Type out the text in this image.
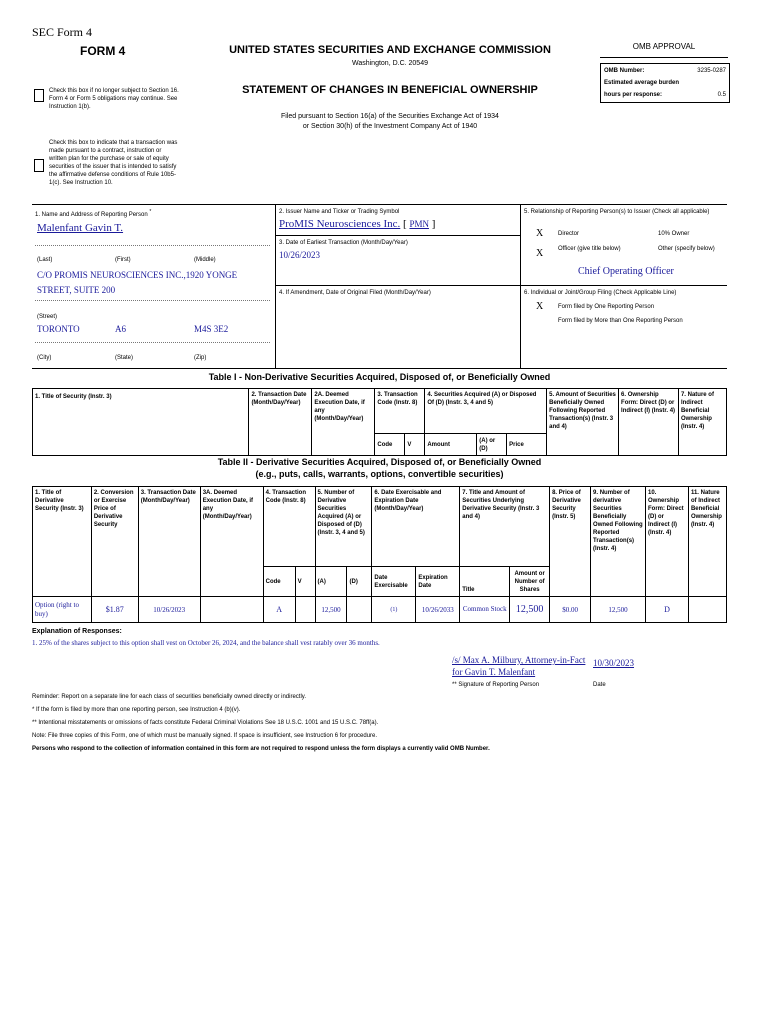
SEC Form 4
FORM 4	UNITED STATES SECURITIES AND EXCHANGE COMMISSION
Washington, D.C. 20549
STATEMENT OF CHANGES IN BENEFICIAL OWNERSHIP
Filed pursuant to Section 16(a) of the Securities Exchange Act of 1934
or Section 30(h) of the Investment Company Act of 1940
OMB APPROVAL
OMB Number:	3235-0287
Estimated average burden
hours per response:	0.5
Check this box if no longer subject to Section 16. Form 4 or Form 5 obligations may continue. See Instruction 1(b).
Check this box to indicate that a transaction was made pursuant to a contract, instruction or written plan for the purchase or sale of equity securities of the issuer that is intended to satisfy the affirmative defense conditions of Rule 10b5-1(c). See Instruction 10.
1. Name and Address of Reporting Person *
Malenfant Gavin T.
(Last)	(First)	(Middle)
C/O PROMIS NEUROSCIENCES INC.,1920 YONGE STREET, SUITE 200
(Street)
TORONTO	A6	M4S 3E2
(City)	(State)	(Zip)
2. Issuer Name and Ticker or Trading Symbol
ProMIS Neurosciences Inc. [ PMN ]
3. Date of Earliest Transaction (Month/Day/Year)
10/26/2023
4. If Amendment, Date of Original Filed (Month/Day/Year)
5. Relationship of Reporting Person(s) to Issuer (Check all applicable)
X Director	10% Owner
X Officer (give title below)	Other (specify below)
Chief Operating Officer
6. Individual or Joint/Group Filing (Check Applicable Line)
X Form filed by One Reporting Person
Form filed by More than One Reporting Person
Table I - Non-Derivative Securities Acquired, Disposed of, or Beneficially Owned
1. Title of Security (Instr. 3)	2. Transaction Date (Month/Day/Year)	2A. Deemed Execution Date, if any (Month/Day/Year)	3. Transaction Code (Instr. 8)		4. Securities Acquired (A) or Disposed Of (D) (Instr. 3, 4 and 5)			5. Amount of Securities Beneficially Owned Following Reported Transaction(s) (Instr. 3 and 4)	6. Ownership Form: Direct (D) or Indirect (I) (Instr. 4)	7. Nature of Indirect Beneficial Ownership (Instr. 4)
			Code	V	Amount	(A) or (D)	Price			
Table II - Derivative Securities Acquired, Disposed of, or Beneficially Owned
(e.g., puts, calls, warrants, options, convertible securities)
1. Title of Derivative Security (Instr. 3)	2. Conversion or Exercise Price of Derivative Security	3. Transaction Date (Month/Day/Year)	3A. Deemed Execution Date, if any (Month/Day/Year)	4. Transaction Code (Instr. 8)		5. Number of Derivative Securities Acquired (A) or Disposed of (D) (Instr. 3, 4 and 5)		6. Date Exercisable and Expiration Date (Month/Day/Year)		7. Title and Amount of Securities Underlying Derivative Security (Instr. 3 and 4)		8. Price of Derivative Security (Instr. 5)	9. Number of derivative Securities Beneficially Owned Following Reported Transaction(s) (Instr. 4)	10. Ownership Form: Direct (D) or Indirect (I) (Instr. 4)	11. Nature of Indirect Beneficial Ownership (Instr. 4)
				Code	V	(A)	(D)	Date Exercisable	Expiration Date	Title	Amount or Number of Shares				
Option (right to buy)	$1.87	10/26/2023		A		12,500		(1)	10/26/2033	Common Stock	12,500	$0.00	12,500	D	
Explanation of Responses:
1. 25% of the shares subject to this option shall vest on October 26, 2024, and the balance shall vest ratably over 36 months.
/s/ Max A. Milbury, Attorney-in-Fact for Gavin T. Malenfant
10/30/2023
** Signature of Reporting Person	Date
Reminder: Report on a separate line for each class of securities beneficially owned directly or indirectly.
* If the form is filed by more than one reporting person, see Instruction 4 (b)(v).
** Intentional misstatements or omissions of facts constitute Federal Criminal Violations See 18 U.S.C. 1001 and 15 U.S.C. 78ff(a).
Note: File three copies of this Form, one of which must be manually signed. If space is insufficient, see Instruction 6 for procedure.
Persons who respond to the collection of information contained in this form are not required to respond unless the form displays a currently valid OMB Number.
